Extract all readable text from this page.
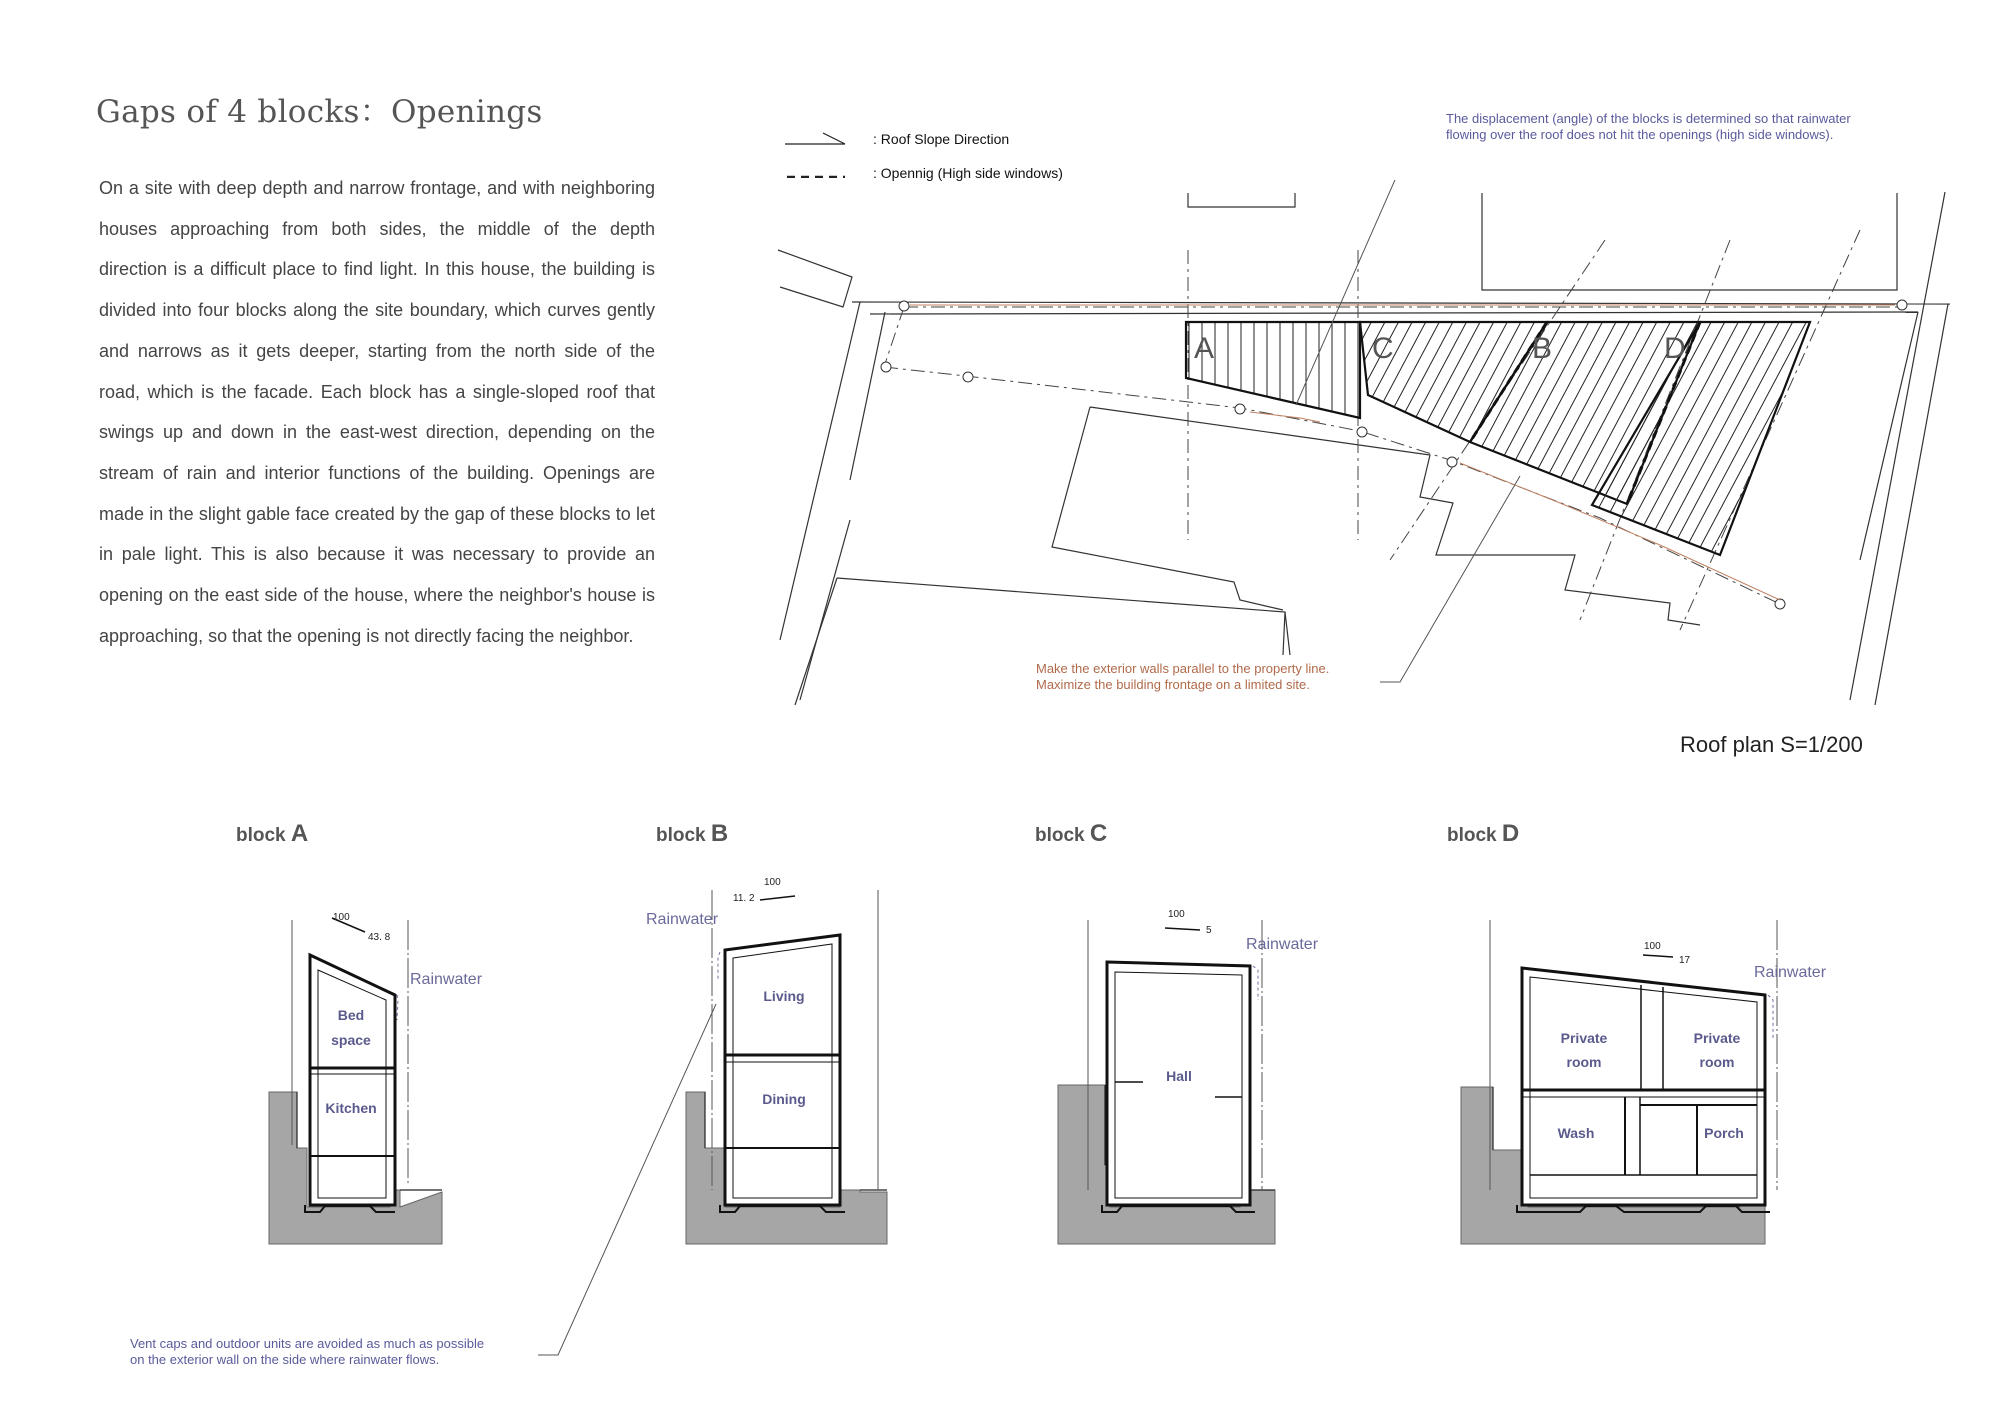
Gaps of 4 blocks：Openings

On a site with deep depth and narrow frontage, and with neighboring houses approaching from both sides, the middle of the depth direction is a difficult place to find light. In this house, the building is divided into four blocks along the site boundary, which curves gently and narrows as it gets deeper, starting from the north side of the road, which is the facade. Each block has a single-sloped roof that swings up and down in the east-west direction, depending on the stream of rain and interior functions of the building. Openings are made in the slight gable face created by the gap of these blocks to let in pale light. This is also because it was necessary to provide an opening on the east side of the house, where the neighbor's house is approaching, so that the opening is not directly facing the neighbor.

: Roof Slope Direction
: Opennig (High side windows)
The displacement (angle) of the blocks is determined so that rainwater
flowing over the roof does not hit the openings (high side windows).
A	C	B	D
Make the exterior walls parallel to the property line.
Maximize the building frontage on a limited site.
Roof plan S=1/200
block A	block B	block C	block D
100
43. 8
Rainwater
Bed
space
Kitchen
100
11. 2
Rainwater
Living
Dining
100
5
Rainwater
Hall
100
17
Rainwater
Private
room
Private
room
Wash	Porch
Vent caps and outdoor units are avoided as much as possible
on the exterior wall on the side where rainwater flows.
